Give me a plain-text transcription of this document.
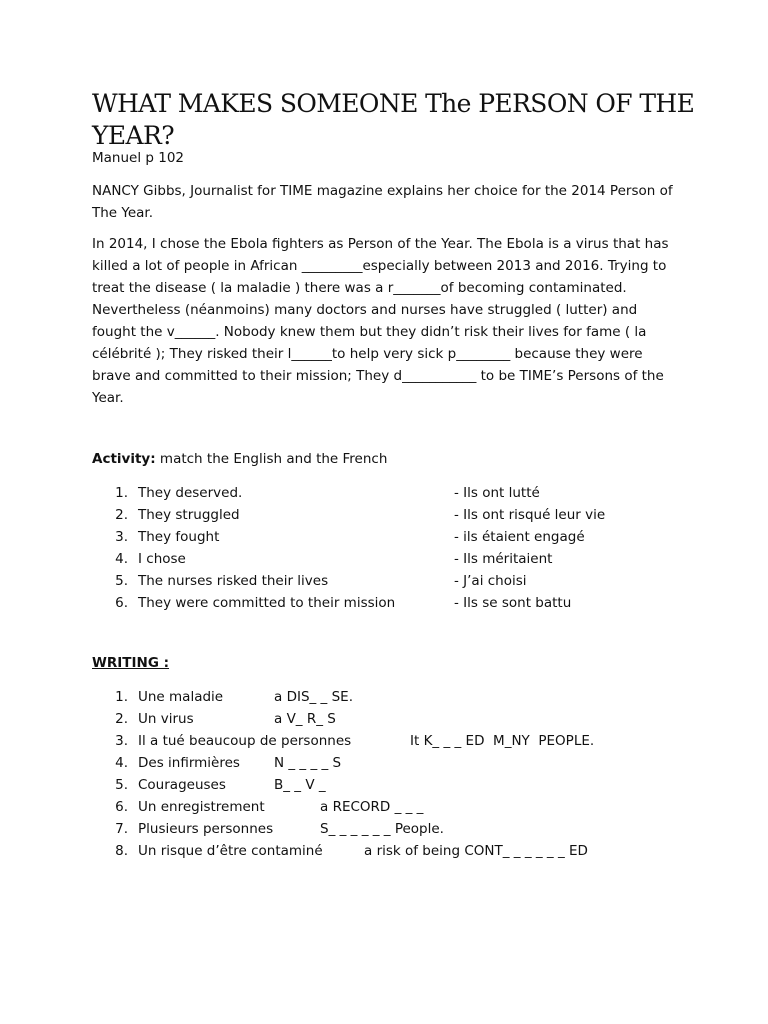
WHAT MAKES SOMEONE The PERSON OF THE YEAR?
Manuel p 102

NANCY Gibbs, Journalist for TIME magazine explains her choice for the 2014 Person of The Year.

In 2014, I chose the Ebola fighters as Person of the Year. The Ebola is a virus that has killed a lot of people in African _________especially between 2013 and 2016. Trying to treat the disease ( la maladie ) there was a r_______of becoming contaminated. Nevertheless (néanmoins) many doctors and nurses have struggled ( lutter) and fought the v______. Nobody knew them but they didn’t risk their lives for fame ( la célébrité ); They risked their l______to help very sick p________ because they were brave and committed to their mission; They d___________ to be TIME’s Persons of the Year.

Activity: match the English and the French
1. They deserved.	- Ils ont lutté
2. They struggled	- Ils ont risqué leur vie
3. They fought	- ils étaient engagé
4. I chose	- Ils méritaient
5. The nurses risked their lives	- J’ai choisi
6. They were committed to their mission	- Ils se sont battu
WRITING :
1. Une maladie	a DIS_ _ SE.
2. Un virus	a V_ R_ S
3. Il a tué beaucoup de personnes	It K_ _ _ ED  M_NY  PEOPLE.
4. Des infirmières	N _ _ _ _ S
5. Courageuses	B_ _ V _
6. Un enregistrement	a RECORD _ _ _
7. Plusieurs personnes	S_ _ _ _ _ _ People.
8. Un risque d’être contaminé	a risk of being CONT_ _ _ _ _ _ ED
